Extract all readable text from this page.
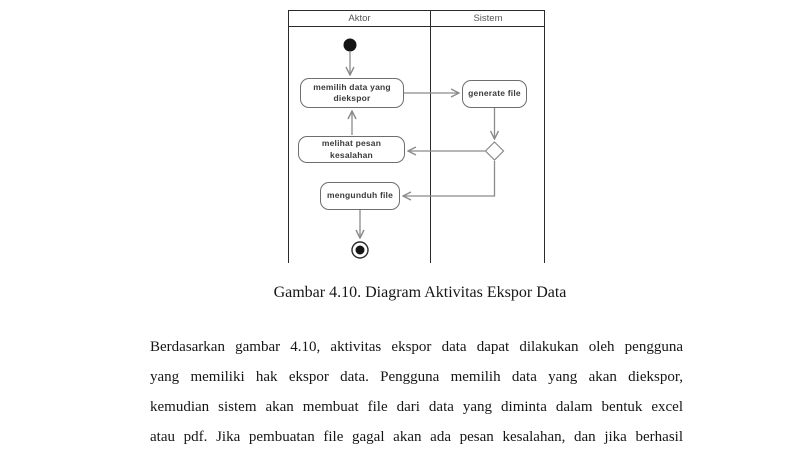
Aktor	Sistem
memilih data yang
diekspor	generate file
melihat pesan
kesalahan
mengunduh file
Gambar 4.10. Diagram Aktivitas Ekspor Data
Berdasarkan gambar 4.10, aktivitas ekspor data dapat dilakukan oleh pengguna
yang memiliki hak ekspor data. Pengguna memilih data yang akan diekspor,
kemudian sistem akan membuat file dari data yang diminta dalam bentuk excel
atau pdf. Jika pembuatan file gagal akan ada pesan kesalahan, dan jika berhasil
